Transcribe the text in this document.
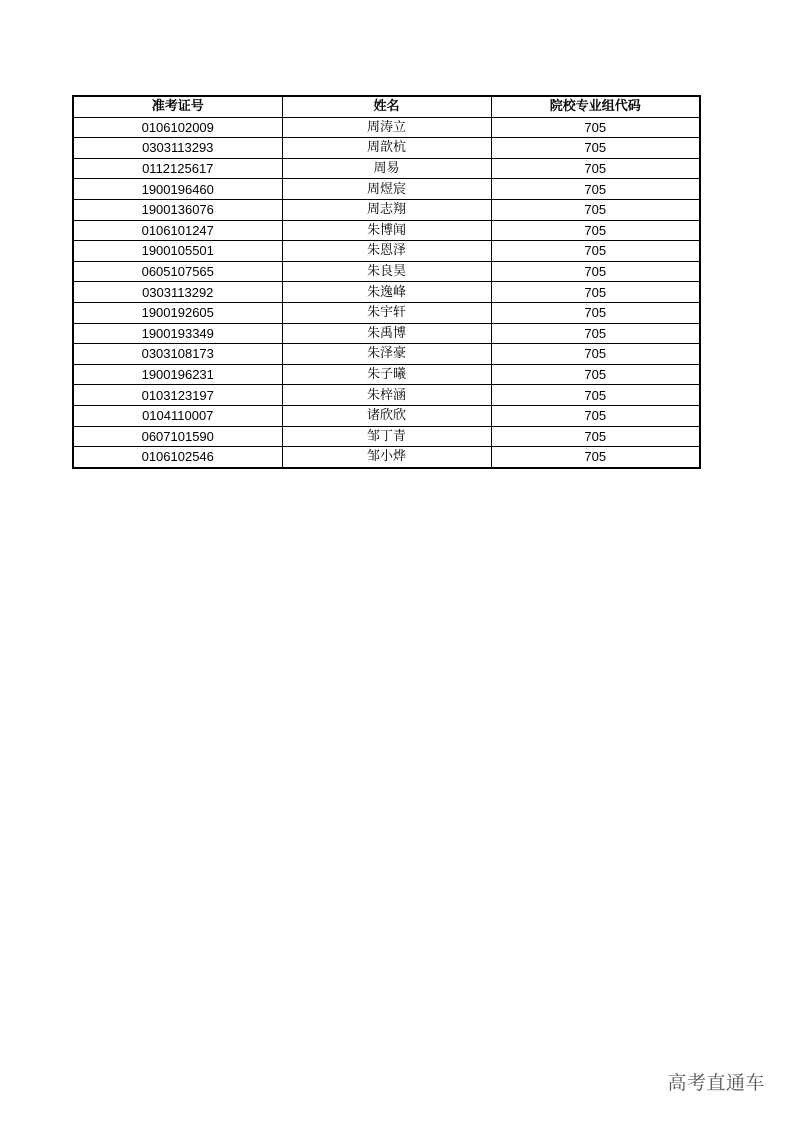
准考证号	姓名	院校专业组代码
0106102009	周涛立	705
0303113293	周歆杭	705
0112125617	周易	705
1900196460	周煜宸	705
1900136076	周志翔	705
0106101247	朱博闻	705
1900105501	朱恩泽	705
0605107565	朱良昊	705
0303113292	朱逸峰	705
1900192605	朱宇轩	705
1900193349	朱禹博	705
0303108173	朱泽豪	705
1900196231	朱子曦	705
0103123197	朱梓涵	705
0104110007	诸欣欣	705
0607101590	邹丁青	705
0106102546	邹小烨	705
高考直通车
